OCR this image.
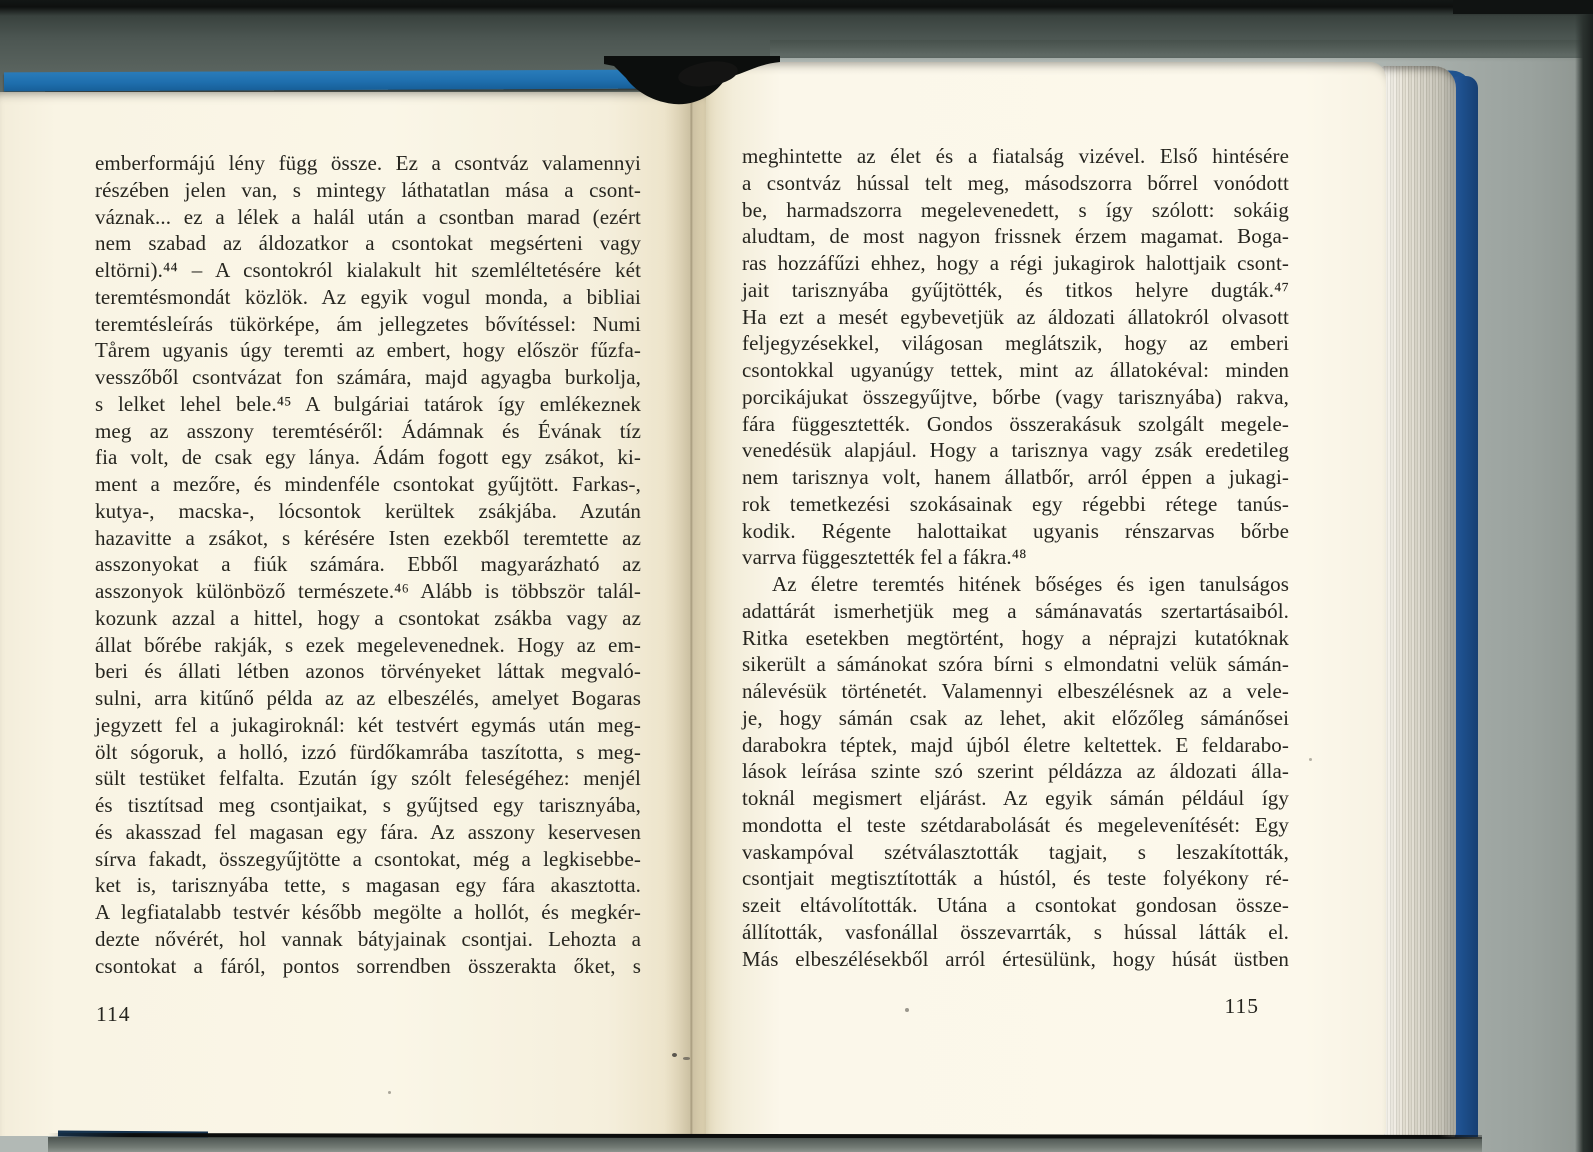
emberformájú lény függ össze. Ez a csontváz valamennyi
részében jelen van, s mintegy láthatatlan mása a csont-
váznak... ez a lélek a halál után a csontban marad (ezért
nem szabad az áldozatkor a csontokat megsérteni vagy
eltörni).⁴⁴ – A csontokról kialakult hit szemléltetésére két
teremtésmondát közlök. Az egyik vogul monda, a bibliai
teremtésleírás tükörképe, ám jellegzetes bővítéssel: Numi
Tårem ugyanis úgy teremti az embert, hogy először fűzfa-
vesszőből csontvázat fon számára, majd agyagba burkolja,
s lelket lehel bele.⁴⁵ A bulgáriai tatárok így emlékeznek
meg az asszony teremtéséről: Ádámnak és Évának tíz
fia volt, de csak egy lánya. Ádám fogott egy zsákot, ki-
ment a mezőre, és mindenféle csontokat gyűjtött. Farkas-,
kutya-, macska-, lócsontok kerültek zsákjába. Azután
hazavitte a zsákot, s kérésére Isten ezekből teremtette az
asszonyokat a fiúk számára. Ebből magyarázható az
asszonyok különböző természete.⁴⁶ Alább is többször talál-
kozunk azzal a hittel, hogy a csontokat zsákba vagy az
állat bőrébe rakják, s ezek megelevenednek. Hogy az em-
beri és állati létben azonos törvényeket láttak megvaló-
sulni, arra kitűnő példa az az elbeszélés, amelyet Bogaras
jegyzett fel a jukagiroknál: két testvért egymás után meg-
ölt sógoruk, a holló, izzó fürdőkamrába taszította, s meg-
sült testüket felfalta. Ezután így szólt feleségéhez: menjél
és tisztítsad meg csontjaikat, s gyűjtsed egy tarisznyába,
és akasszad fel magasan egy fára. Az asszony keservesen
sírva fakadt, összegyűjtötte a csontokat, még a legkisebbe-
ket is, tarisznyába tette, s magasan egy fára akasztotta.
A legfiatalabb testvér később megölte a hollót, és megkér-
dezte nővérét, hol vannak bátyjainak csontjai. Lehozta a
csontokat a fáról, pontos sorrendben összerakta őket, s
meghintette az élet és a fiatalság vizével. Első hintésére
a csontváz hússal telt meg, másodszorra bőrrel vonódott
be, harmadszorra megelevenedett, s így szólott: sokáig
aludtam, de most nagyon frissnek érzem magamat. Boga-
ras hozzáfűzi ehhez, hogy a régi jukagirok halottjaik csont-
jait tarisznyába gyűjtötték, és titkos helyre dugták.⁴⁷
Ha ezt a mesét egybevetjük az áldozati állatokról olvasott
feljegyzésekkel, világosan meglátszik, hogy az emberi
csontokkal ugyanúgy tettek, mint az állatokéval: minden
porcikájukat összegyűjtve, bőrbe (vagy tarisznyába) rakva,
fára függesztették. Gondos összerakásuk szolgált megele-
venedésük alapjául. Hogy a tarisznya vagy zsák eredetileg
nem tarisznya volt, hanem állatbőr, arról éppen a jukagi-
rok temetkezési szokásainak egy régebbi rétege tanús-
kodik. Régente halottaikat ugyanis rénszarvas bőrbe
varrva függesztették fel a fákra.⁴⁸
Az életre teremtés hitének bőséges és igen tanulságos
adattárát ismerhetjük meg a sámánavatás szertartásaiból.
Ritka esetekben megtörtént, hogy a néprajzi kutatóknak
sikerült a sámánokat szóra bírni s elmondatni velük sámán-
nálevésük történetét. Valamennyi elbeszélésnek az a vele-
je, hogy sámán csak az lehet, akit előzőleg sámánősei
darabokra téptek, majd újból életre keltettek. E feldarabo-
lások leírása szinte szó szerint példázza az áldozati álla-
toknál megismert eljárást. Az egyik sámán például így
mondotta el teste szétdarabolását és megelevenítését: Egy
vaskampóval szétválasztották tagjait, s leszakították,
csontjait megtisztították a hústól, és teste folyékony ré-
szeit eltávolították. Utána a csontokat gondosan össze-
állították, vasfonállal összevarrták, s hússal látták el.
Más elbeszélésekből arról értesülünk, hogy húsát üstben
114	115
